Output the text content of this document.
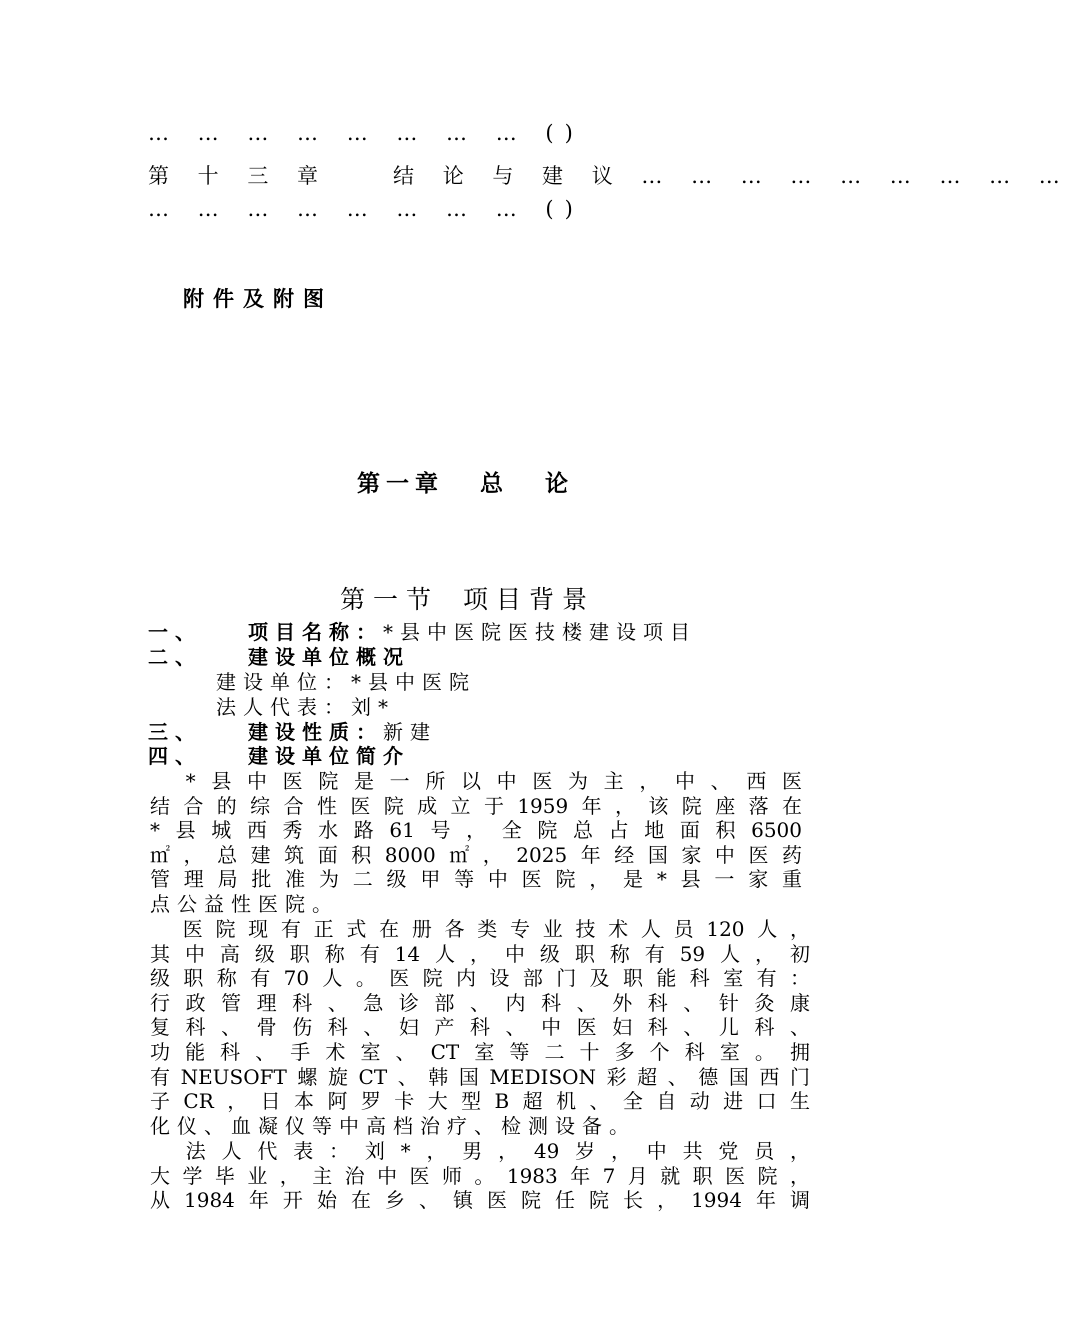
… … … … … … … … ()
第 十 三 章　　结 论 与 建 议 … … … … … … … … …
… … … … … … … … ()
附件及附图
第一章 总 论
第一节 项目背景
一、 项目名称：*县中医院医技楼建设项目
二、 建设单位概况
建设单位：*县中医院
法人代表：刘*
三、 建设性质：新建
四、 建设单位简介
　*县中医院是一所以中医为主，中、西医
结合的综合性医院成立于1959年，该院座落在
*县城西秀水路61号，全院总占地面积6500
㎡，总建筑面积8000㎡，2025年经国家中医药
管理局批准为二级甲等中医院，是*县一家重
点公益性医院。
　医院现有正式在册各类专业技术人员120人，
其中高级职称有14人，中级职称有59人，初
级职称有70人。医院内设部门及职能科室有：
行政管理科、急诊部、内科、外科、针灸康
复科、骨伤科、妇产科、中医妇科、儿科、
功能科、手术室、CT室等二十多个科室。拥
有NEUSOFT螺旋CT、韩国MEDISON彩超、德国西门
子CR，日本阿罗卡大型B超机、全自动进口生
化仪、血凝仪等中高档治疗、检测设备。
　法人代表：刘*，男，49岁，中共党员，
大学毕业，主治中医师。1983年7月就职医院，
从1984年开始在乡、镇医院任院长，1994年调
